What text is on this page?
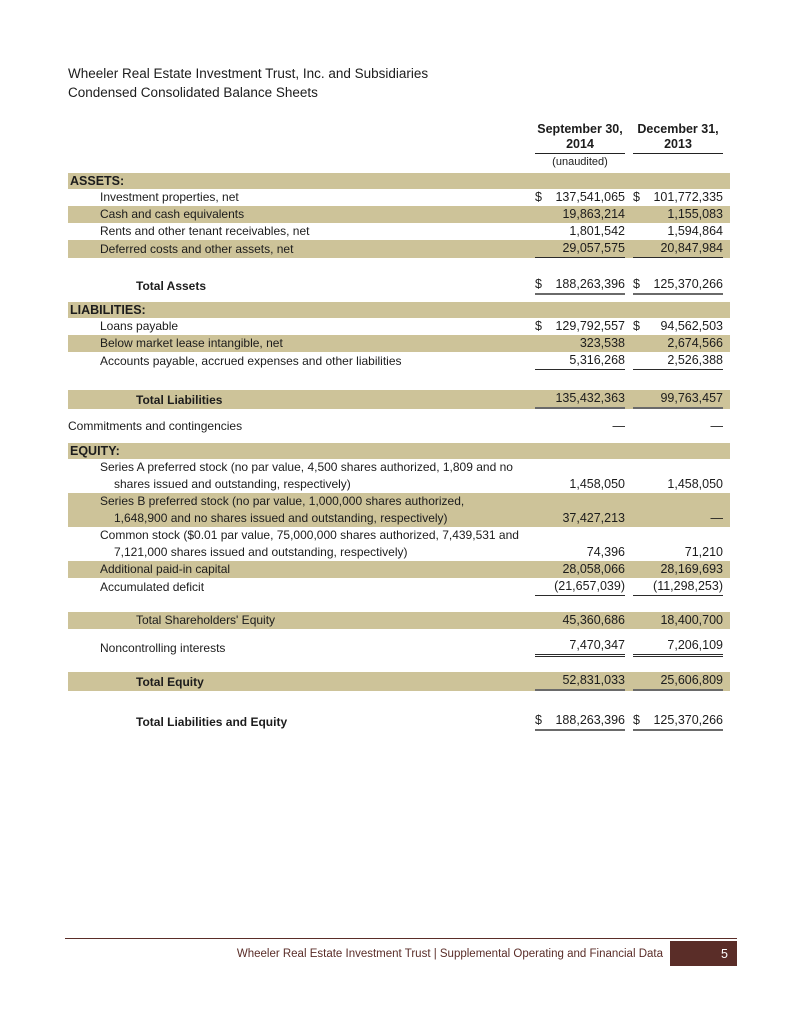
Wheeler Real Estate Investment Trust, Inc. and Subsidiaries
Condensed Consolidated Balance Sheets
September 30,
2014
(unaudited)
December 31,
2013
ASSETS:
Investment properties, net	$ 137,541,065 $ 101,772,335
Cash and cash equivalents	19,863,214	1,155,083
Rents and other tenant receivables, net	1,801,542	1,594,864
Deferred costs and other assets, net	29,057,575	20,847,984
Total Assets	$ 188,263,396 $ 125,370,266
LIABILITIES:
Loans payable	$ 129,792,557 $ 94,562,503
Below market lease intangible, net	323,538	2,674,566
Accounts payable, accrued expenses and other liabilities	5,316,268	2,526,388
Total Liabilities	135,432,363	99,763,457
Commitments and contingencies	—	—
EQUITY:
Series A preferred stock (no par value, 4,500 shares authorized, 1,809 and no
shares issued and outstanding, respectively)	1,458,050	1,458,050
Series B preferred stock (no par value, 1,000,000 shares authorized,
1,648,900 and no shares issued and outstanding, respectively)	37,427,213	—
Common stock ($0.01 par value, 75,000,000 shares authorized, 7,439,531 and
7,121,000 shares issued and outstanding, respectively)	74,396	71,210
Additional paid-in capital	28,058,066	28,169,693
Accumulated deficit	(21,657,039) (11,298,253)
Total Shareholders' Equity	45,360,686	18,400,700
Noncontrolling interests	7,470,347	7,206,109
Total Equity	52,831,033	25,606,809
Total Liabilities and Equity	$ 188,263,396 $ 125,370,266
Wheeler Real Estate Investment Trust | Supplemental Operating and Financial Data	5
